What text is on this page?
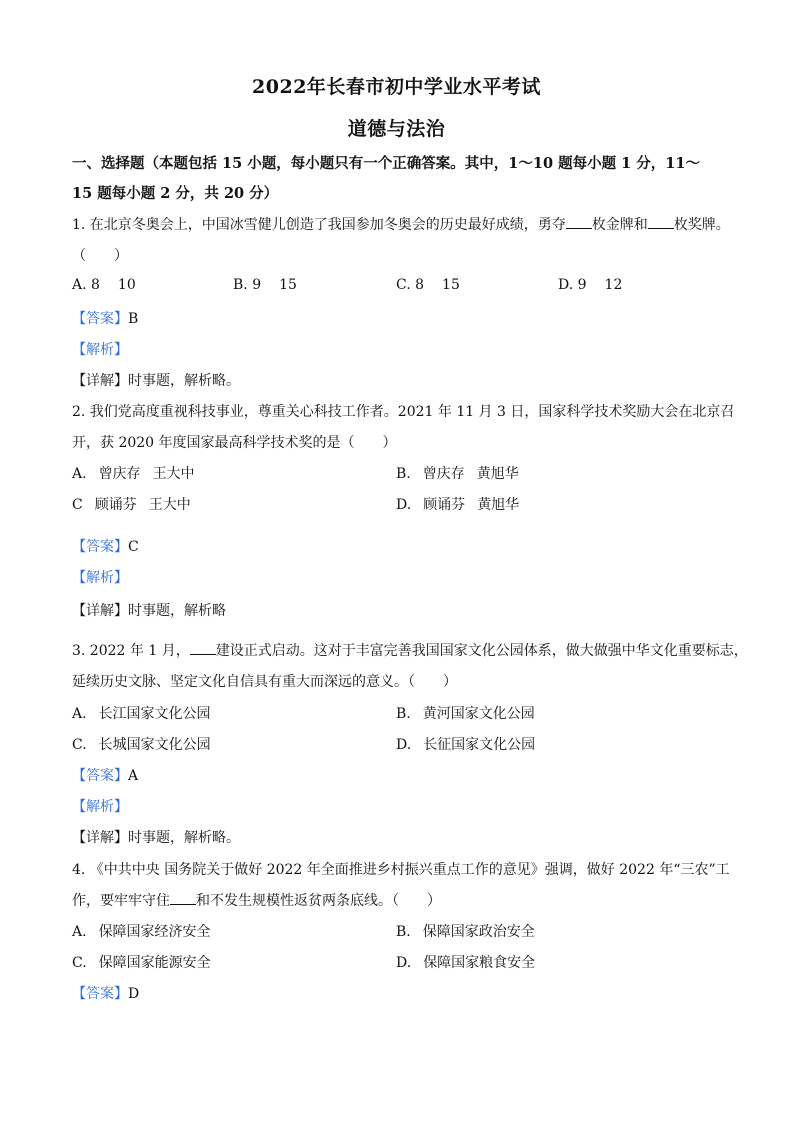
2022年长春市初中学业水平考试
道德与法治
一、选择题（本题包括 15 小题，每小题只有一个正确答案。其中，1～10 题每小题 1 分，11～
15 题每小题 2 分，共 20 分）
1. 在北京冬奥会上，中国冰雪健儿创造了我国参加冬奥会的历史最好成绩，勇夺 枚金牌和 枚奖牌。
（　　）
A. 8 10	B. 9 15	C. 8 15	D. 9 12
【答案】B
【解析】
【详解】时事题，解析略。
2. 我们党高度重视科技事业，尊重关心科技工作者。2021 年 11 月 3 日，国家科学技术奖励大会在北京召
开，获 2020 年度国家最高科学技术奖的是（　　）
A. 曾庆存 王大中	B. 曾庆存 黄旭华
C 顾诵芬 王大中	D. 顾诵芬 黄旭华
【答案】C
【解析】
【详解】时事题，解析略
3. 2022 年 1 月， 建设正式启动。这对于丰富完善我国国家文化公园体系，做大做强中华文化重要标志，
延续历史文脉、坚定文化自信具有重大而深远的意义。（　　）
A. 长江国家文化公园	B. 黄河国家文化公园
C. 长城国家文化公园	D. 长征国家文化公园
【答案】A
【解析】
【详解】时事题，解析略。
4. 《中共中央 国务院关于做好 2022 年全面推进乡村振兴重点工作的意见》强调，做好 2022 年“三农”工
作，要牢牢守住 和不发生规模性返贫两条底线。（　　）
A. 保障国家经济安全	B. 保障国家政治安全
C. 保障国家能源安全	D. 保障国家粮食安全
【答案】D
